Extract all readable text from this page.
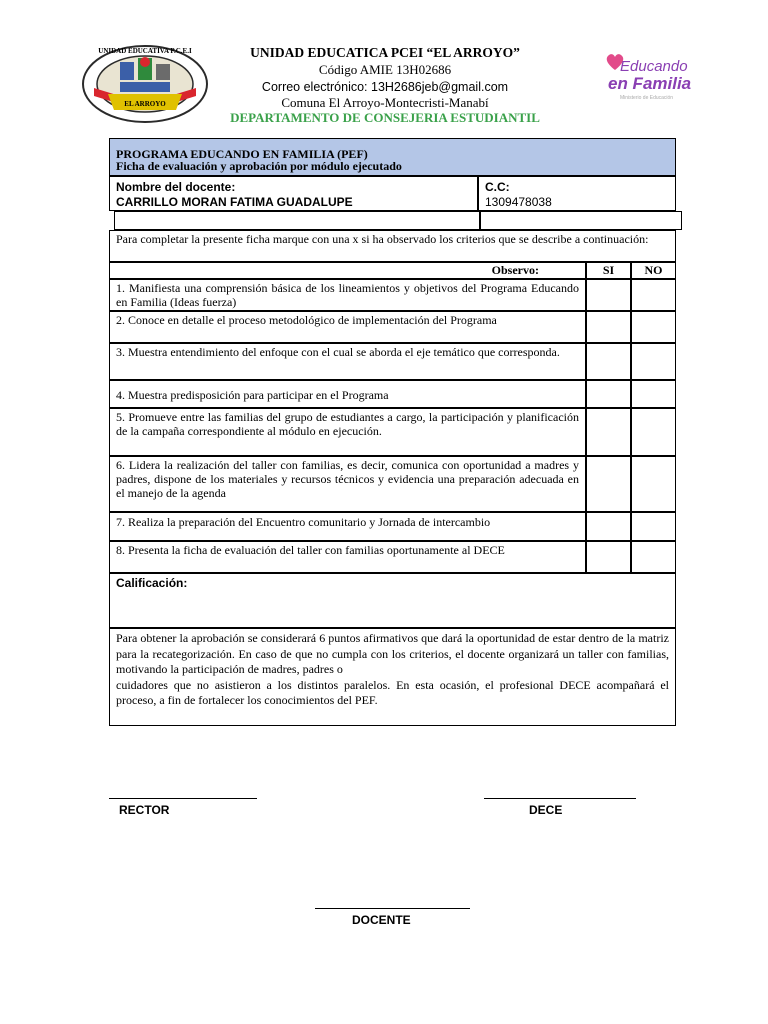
UNIDAD EDUCATIVA P.C.E.I
EL ARROYO
UNIDAD EDUCATICA PCEI “EL ARROYO”
Código AMIE 13H02686
Correo electrónico: 13H2686jeb@gmail.com
Comuna El Arroyo-Montecristi-Manabí
DEPARTAMENTO DE CONSEJERIA ESTUDIANTIL
Educando
en Familia
Ministerio de Educación
PROGRAMA EDUCANDO EN FAMILIA (PEF)
Ficha de evaluación y aprobación por módulo ejecutado
Nombre del docente:
CARRILLO MORAN FATIMA GUADALUPE
C.C:
1309478038
Para completar la presente ficha marque con una x si ha observado los criterios que se describe a continuación:
Observo:	SI	NO
1. Manifiesta una comprensión básica de los lineamientos y objetivos del Programa Educando en Familia (Ideas fuerza)
2. Conoce en detalle el proceso metodológico de implementación del Programa
3. Muestra entendimiento del enfoque con el cual se aborda el eje temático que corresponda.
4. Muestra predisposición para participar en el Programa
5. Promueve entre las familias del grupo de estudiantes a cargo, la participación y planificación de la campaña correspondiente al módulo en ejecución.
6. Lidera la realización del taller con familias, es decir, comunica con oportunidad a madres y padres, dispone de los materiales y recursos técnicos y evidencia una preparación adecuada en el manejo de la agenda
7. Realiza la preparación del Encuentro comunitario y Jornada de intercambio
8. Presenta la ficha de evaluación del taller con familias oportunamente al DECE
Calificación:
Para obtener la aprobación se considerará 6 puntos afirmativos que dará la oportunidad de estar dentro de la matriz para la recategorización. En caso de que no cumpla con los criterios, el docente organizará un taller con familias, motivando la participación de madres, padres o
cuidadores que no asistieron a los distintos paralelos. En esta ocasión, el profesional DECE acompañará el proceso, a fin de fortalecer los conocimientos del PEF.
RECTOR	DECE
DOCENTE
